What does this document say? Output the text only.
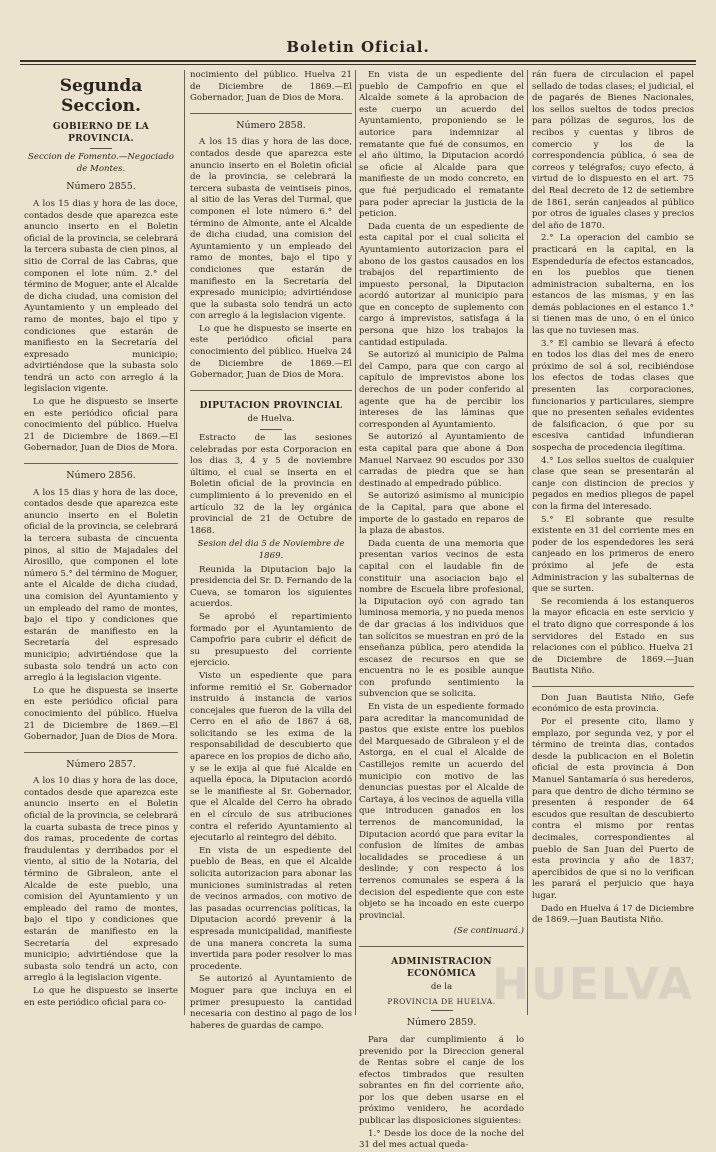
Boletin Oficial.
Segunda Seccion.
GOBIERNO DE LA PROVINCIA.
Seccion de Fomento.—Negociado de Montes.
Número 2855.

A los 15 dias y hora de las doce, contados desde que aparezca este anuncio inserto en el Boletin oficial de la provincia, se celebrará la tercera subasta de cien pinos, al sitio de Corral de las Cabras, que componen el lote núm. 2.° del término de Moguer, ante el Alcalde de dicha ciudad, una comision del Ayuntamiento y un empleado del ramo de montes, bajo el tipo y condiciones que estarán de manifiesto en la Secretaría del expresado municipio; advirtiéndose que la subasta solo tendrá un acto con arreglo á la legislacion vigente.

Lo que he dispuesto se inserte en este periódico oficial para conocimiento del público. Huelva 21 de Diciembre de 1869.—El Gobernador, Juan de Dios de Mora.

Número 2856.

A los 15 dias y hora de las doce, contados desde que aparezca este anuncio inserto en el Boletin oficial de la provincia, se celebrará la tercera subasta de cincuenta pinos, al sitio de Majadales del Airosillo, que componen el lote número 5.° del término de Moguer, ante el Alcalde de dicha ciudad, una comision del Ayuntamiento y un empleado del ramo de montes, bajo el tipo y condiciones que estarán de manifiesto en la Secretaría del espresado municipio; advirtiéndose que la subasta solo tendrá un acto con arreglo á la legislacion vigente.

Lo que he dispuesta se inserte en este periódico oficial para conocimiento del público. Huelva 21 de Diciembre de 1869.—El Gobernador, Juan de Dios de Mora.

Número 2857.

A los 10 dias y hora de las doce, contados desde que aparezca este anuncio inserto en el Boletin oficial de la provincia, se celebrará la cuarta subasta de trece pinos y dos ramas, procedente de cortas fraudulentas y derribados por el viento, al sitio de la Notaria, del término de Gibraleon, ante el Alcalde de este pueblo, una comision del Ayuntamiento y un empleado del ramo de montes, bajo el tipo y condiciones que estarán de manifiesto en la Secretaría del expresado municipio; advirtiéndose que la subasta solo tendrá un acto, con arreglo á la legislacion vigente.

Lo que he dispuesto se inserte en este periódico oficial para co-

nocimiento del público. Huelva 21 de Diciembre de 1869.—El Gobernador, Juan de Dios de Mora.

Número 2858.

A los 15 dias y hora de las doce, contados desde que aparezca este anuncio inserto en el Boletin oficial de la provincia, se celebrará la tercera subasta de veintiseis pinos, al sitio de las Veras del Turmal, que componen el lote número 6.° del término de Almonte, ante el Alcalde de dicha ciudad, una comision del Ayuntamiento y un empleado del ramo de montes, bajo el tipo y condiciones que estarán de manifiesto en la Secretaría del expresado municipio; advirtiéndose que la subasta solo tendrá un acto con arreglo á la legislacion vigente.

Lo que he dispuesto se inserte en este periódico oficial para conocimiento del público. Huelva 24 de Diciembre de 1869.—El Gobernador, Juan de Dios de Mora.

DIPUTACION PROVINCIAL
de Huelva.

Estracto de las sesiones celebradas por esta Corporacion en los dias 3, 4 y 5 de noviembre último, el cual se inserta en el Boletin oficial de la provincia en cumplimiento á lo prevenido en el artículo 32 de la ley orgánica provincial de 21 de Octubre de 1868.

Sesion del dia 5 de Noviembre de 1869.

Reunida la Diputacion bajo la presidencia del Sr. D. Fernando de la Cueva, se tomaron los siguientes acuerdos.

Se aprobó el repartimiento formado por el Ayuntamiento de Campofrio para cubrir el déficit de su presupuesto del corriente ejercicio.

Visto un espediente que para informe remitió el Sr. Gobernador instruido á instancia de varios concejales que fueron de la villa del Cerro en el año de 1867 á 68, solicitando se les exima de la responsabilidad de descubierto que aparece en los propios de dicho año, y se le exija al que fué Alcalde en aquella época, la Diputacion acordó se le manifieste al Sr. Gobernador, que el Alcalde del Cerro ha obrado en el círculo de sus atribuciones contra el referido Ayuntamiento al ejecutarlo al reintegro del débito.

En vista de un espediente del pueblo de Beas, en que el Alcalde solicita autorizacion para abonar las municiones suministradas al reten de vecinos armados, con motivo de las pasadas ocurrencias políticas, la Diputacion acordó prevenir á la espresada municipalidad, manifieste de una manera concreta la suma invertida para poder resolver lo mas procedente.

Se autorizó al Ayuntamiento de Moguer para que incluya en el primer presupuesto la cantidad necesaria con destino al pago de los haberes de guardas de campo.

En vista de un espediente del pueblo de Campofrio en que el Alcalde somete á la aprobacion de este cuerpo un acuerdo del Ayuntamiento, proponiendo se le autorice para indemnizar al rematante que fué de consumos, en el año último, la Diputacion acordó se oficie al Alcalde para que manifieste de un modo concreto, en que fué perjudicado el rematante para poder apreciar la justicia de la peticion.

Dada cuenta de un espediente de esta capital por el cual solicita el Ayuntamiento autorizacion para el abono de los gastos causados en los trabajos del repartimiento de impuesto personal, la Diputacion acordó autorizar al municipio para que en concepto de suplemento con cargo á imprevistos, satisfaga á la persona que hizo los trabajos la cantidad estipulada.

Se autorizó al municipio de Palma del Campo, para que con cargo al capítulo de imprevistos abone los derechos de un poder conferido al agente que ha de percibir los intereses de las láminas que corresponden al Ayuntamiento.

Se autorizó al Ayuntamiento de esta capital para que abone á Don Manuel Narvaez 90 escudos por 330 carradas de piedra que se han destinado al empedrado público.

Se autorizó asimismo al municipio de la Capital, para que abone el importe de lo gastado en reparos de la plaza de abastos.

Dada cuenta de una memoria que presentan varios vecinos de esta capital con el laudable fin de constituir una asociacion bajo el nombre de Escuela libre profesional, la Diputacion oyó con agrado tan luminosa memoria, y no pueda menos de dar gracias á los individuos que tan solícitos se muestran en pró de la enseñanza pública, pero atendida la escasez de recursos en que se encuentra no le es posible aunque con profundo sentimiento la subvencion que se solicita.

En vista de un espediente formado para acreditar la mancomunidad de pastos que existe entre los pueblos del Marquesado de Gibraleon y el de Astorga, en el cual el Alcalde de Castillejos remite un acuerdo del municipio con motivo de las denuncias puestas por el Alcalde de Cartaya, á los vecinos de aquella villa que introducen ganados en los terrenos de mancomunidad, la Diputacion acordó que para evitar la confusion de límites de ambas localidades se procediese á un deslinde; y con respecto á los terrenos comunales se espera á la decision del espediente que con este objeto se ha incoado en este cuerpo provincial.

(Se continuará.)
ADMINISTRACION ECONÓMICA
de la
PROVINCIA DE HUELVA.
Número 2859.

Para dar cumplimiento á lo prevenido por la Direccion general de Rentas sobre el canje de los efectos timbrados que resulten sobrantes en fin del corriente año, por los que deben usarse en el próximo venidero, he acordado publicar las disposiciones siguientes:

1.° Desde los doce de la noche del 31 del mes actual queda-

rán fuera de circulacion el papel sellado de todas clases; el judicial, el de pagarés de Bienes Nacionales, los sellos sueltos de todos precios para pólizas de seguros, los de recibos y cuentas y libros de comercio y los de la correspondencia pública, ó sea de correos y telégrafos; cuyo efecto, á virtud de lo dispuesto en el art. 75 del Real decreto de 12 de setiembre de 1861, serán canjeados al público por otros de iguales clases y precios del año de 1870.

2.° La operacion del cambio se practicará en la capital, en la Espendeduría de efectos estancados, en los pueblos que tienen administracion subalterna, en los estancos de las mismas, y en las demás poblaciones en el estanco 1.° si tienen mas de uno, ó en el único las que no tuviesen mas.

3.° El cambio se llevará á efecto en todos los dias del mes de enero próximo de sol á sol, recibiéndose los efectos de todas clases que presenten las corporaciones, funcionarios y particulares, siempre que no presenten señales evidentes de falsificacion, ó que por su escesiva cantidad infundieran sospecha de procedencia ilegítima.

4.° Los sellos sueltos de cualquier clase que sean se presentarán al canje con distincion de precios y pegados en medios pliegos de papel con la firma del interesado.

5.° El sobrante que resulte existente en 31 del corriente mes en poder de los espendedores les será canjeado en los primeros de enero próximo al jefe de esta Administracion y las subalternas de que se surten.

Se recomienda á los estanqueros la mayor eficacia en este servicio y el trato digno que corresponde á los servidores del Estado en sus relaciones con el público. Huelva 21 de Diciembre de 1869.—Juan Bautista Niño.

Don Juan Bautista Niño, Gefe económico de esta provincia.

Por el presente cito, llamo y emplazo, por segunda vez, y por el término de treinta dias, contados desde la publicacion en el Boletin oficial de esta provincia á Don Manuel Santamaría ó sus herederos, para que dentro de dicho término se presenten á responder de 64 escudos que resultan de descubierto contra el mismo por rentas decimales, correspondientes al pueblo de San Juan del Puerto de esta provincia y año de 1837; apercibidos de que si no lo verifican les parará el perjuicio que haya lugar.

Dado en Huelva á 17 de Diciembre de 1869.—Juan Bautista Niño.

HUELVA
